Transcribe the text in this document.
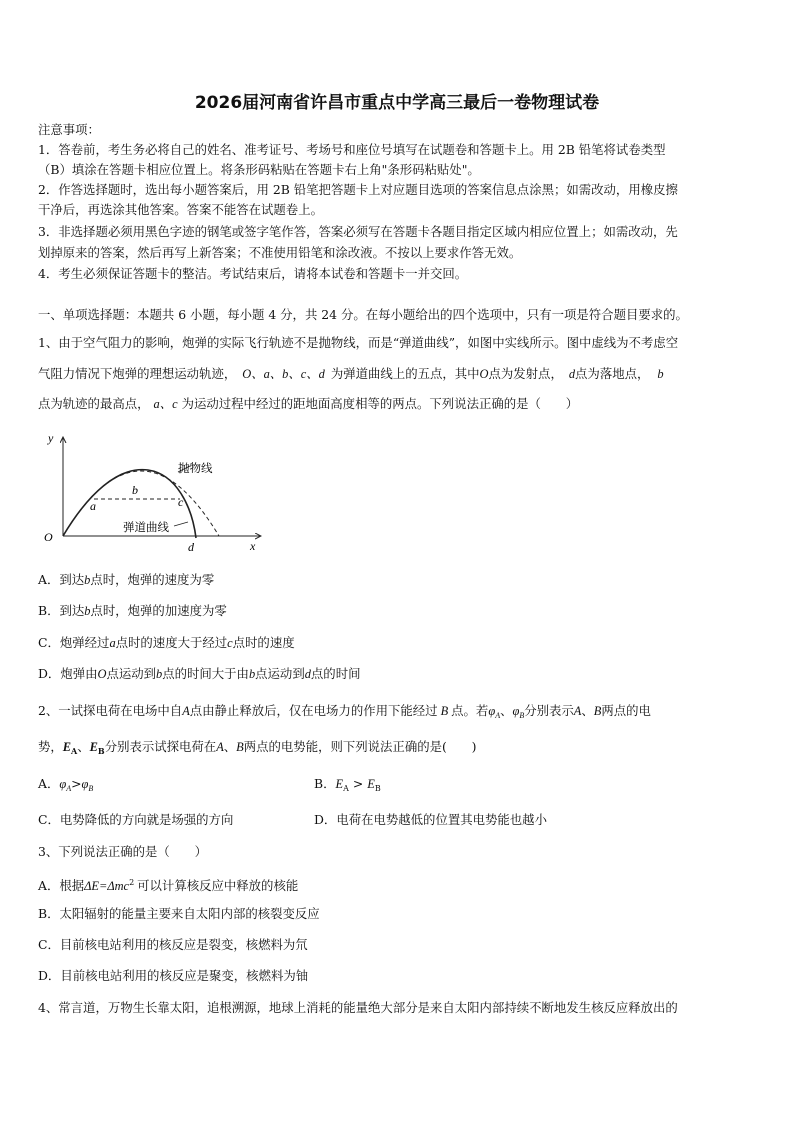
2026届河南省许昌市重点中学高三最后一卷物理试卷
注意事项：
1．答卷前，考生务必将自己的姓名、准考证号、考场号和座位号填写在试题卷和答题卡上。用 2B 铅笔将试卷类型
（B）填涂在答题卡相应位置上。将条形码粘贴在答题卡右上角"条形码粘贴处"。
2．作答选择题时，选出每小题答案后，用 2B 铅笔把答题卡上对应题目选项的答案信息点涂黑；如需改动，用橡皮擦
干净后，再选涂其他答案。答案不能答在试题卷上。
3．非选择题必须用黑色字迹的钢笔或签字笔作答，答案必须写在答题卡各题目指定区域内相应位置上；如需改动，先
划掉原来的答案，然后再写上新答案；不准使用铅笔和涂改液。不按以上要求作答无效。
4．考生必须保证答题卡的整洁。考试结束后，请将本试卷和答题卡一并交回。
一、单项选择题：本题共 6 小题，每小题 4 分，共 24 分。在每小题给出的四个选项中，只有一项是符合题目要求的。
1、由于空气阻力的影响，炮弹的实际飞行轨迹不是抛物线，而是“弹道曲线”，如图中实线所示。图中虚线为不考虑空
气阻力情况下炮弹的理想运动轨迹， O、a、b、c、d 为弹道曲线上的五点，其中O点为发射点， d点为落地点， b
点为轨迹的最高点， a、c 为运动过程中经过的距地面高度相等的两点。下列说法正确的是（　　）
y
x
O
a
b
c
d
抛物线
弹道曲线
A．到达b点时，炮弹的速度为零
B．到达b点时，炮弹的加速度为零
C．炮弹经过a点时的速度大于经过c点时的速度
D．炮弹由O点运动到b点的时间大于由b点运动到d点的时间
2、一试探电荷在电场中自A点由静止释放后，仅在电场力的作用下能经过 B 点。若$\varphi_A$、$\varphi_B$分别表示A、B两点的电
势，$E_A$、$E_B$分别表示试探电荷在A、B两点的电势能，则下列说法正确的是(　　)
A．$\varphi_A>\varphi_B$	B．$E_A > E_B$
C．电势降低的方向就是场强的方向	D．电荷在电势越低的位置其电势能也越小
3、下列说法正确的是（　　）
A．根据ΔE=Δmc$^2$ 可以计算核反应中释放的核能
B．太阳辐射的能量主要来自太阳内部的核裂变反应
C．目前核电站利用的核反应是裂变，核燃料为氘
D．目前核电站利用的核反应是聚变，核燃料为铀
4、常言道，万物生长靠太阳，追根溯源，地球上消耗的能量绝大部分是来自太阳内部持续不断地发生核反应释放出的
